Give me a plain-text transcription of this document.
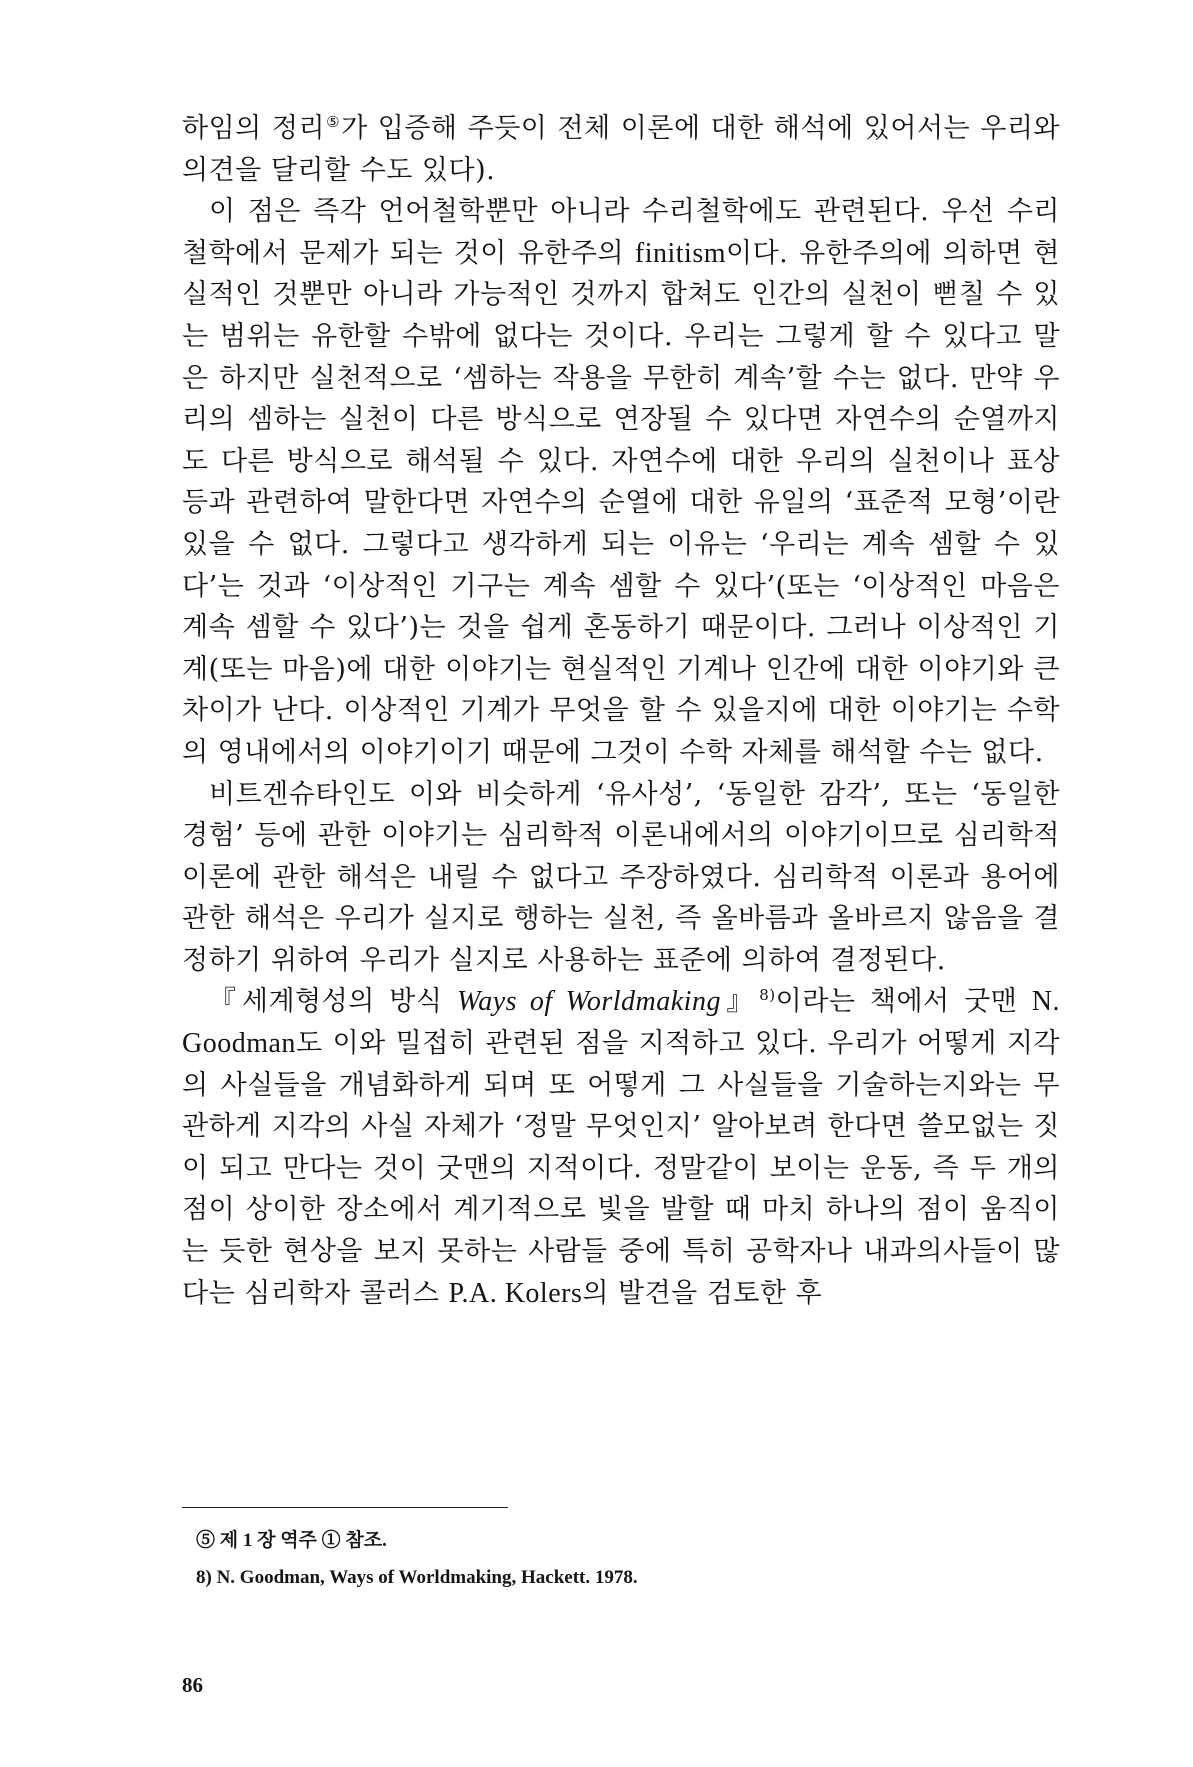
하임의 정리⑤가 입증해 주듯이 전체 이론에 대한 해석에 있어서는 우리와 의견을 달리할 수도 있다).

이 점은 즉각 언어철학뿐만 아니라 수리철학에도 관련된다. 우선 수리철학에서 문제가 되는 것이 유한주의 finitism이다. 유한주의에 의하면 현실적인 것뿐만 아니라 가능적인 것까지 합쳐도 인간의 실천이 뻗칠 수 있는 범위는 유한할 수밖에 없다는 것이다. 우리는 그렇게 할 수 있다고 말은 하지만 실천적으로 ‘셈하는 작용을 무한히 계속’할 수는 없다. 만약 우리의 셈하는 실천이 다른 방식으로 연장될 수 있다면 자연수의 순열까지도 다른 방식으로 해석될 수 있다. 자연수에 대한 우리의 실천이나 표상 등과 관련하여 말한다면 자연수의 순열에 대한 유일의 ‘표준적 모형’이란 있을 수 없다. 그렇다고 생각하게 되는 이유는 ‘우리는 계속 셈할 수 있다’는 것과 ‘이상적인 기구는 계속 셈할 수 있다’(또는 ‘이상적인 마음은 계속 셈할 수 있다’)는 것을 쉽게 혼동하기 때문이다. 그러나 이상적인 기계(또는 마음)에 대한 이야기는 현실적인 기계나 인간에 대한 이야기와 큰 차이가 난다. 이상적인 기계가 무엇을 할 수 있을지에 대한 이야기는 수학의 영내에서의 이야기이기 때문에 그것이 수학 자체를 해석할 수는 없다.

비트겐슈타인도 이와 비슷하게 ‘유사성’, ‘동일한 감각’, 또는 ‘동일한 경험’ 등에 관한 이야기는 심리학적 이론내에서의 이야기이므로 심리학적 이론에 관한 해석은 내릴 수 없다고 주장하였다. 심리학적 이론과 용어에 관한 해석은 우리가 실지로 행하는 실천, 즉 올바름과 올바르지 않음을 결정하기 위하여 우리가 실지로 사용하는 표준에 의하여 결정된다.

『세계형성의 방식 Ways of Worldmaking』$^{8)}$이라는 책에서 굿맨 N. Goodman도 이와 밀접히 관련된 점을 지적하고 있다. 우리가 어떻게 지각의 사실들을 개념화하게 되며 또 어떻게 그 사실들을 기술하는지와는 무관하게 지각의 사실 자체가 ‘정말 무엇인지’ 알아보려 한다면 쓸모없는 짓이 되고 만다는 것이 굿맨의 지적이다. 정말같이 보이는 운동, 즉 두 개의 점이 상이한 장소에서 계기적으로 빛을 발할 때 마치 하나의 점이 움직이는 듯한 현상을 보지 못하는 사람들 중에 특히 공학자나 내과의사들이 많다는 심리학자 콜러스 P.A. Kolers의 발견을 검토한 후

⑤ 제 1 장 역주 ① 참조.

8) N. Goodman, Ways of Worldmaking, Hackett. 1978.

86
